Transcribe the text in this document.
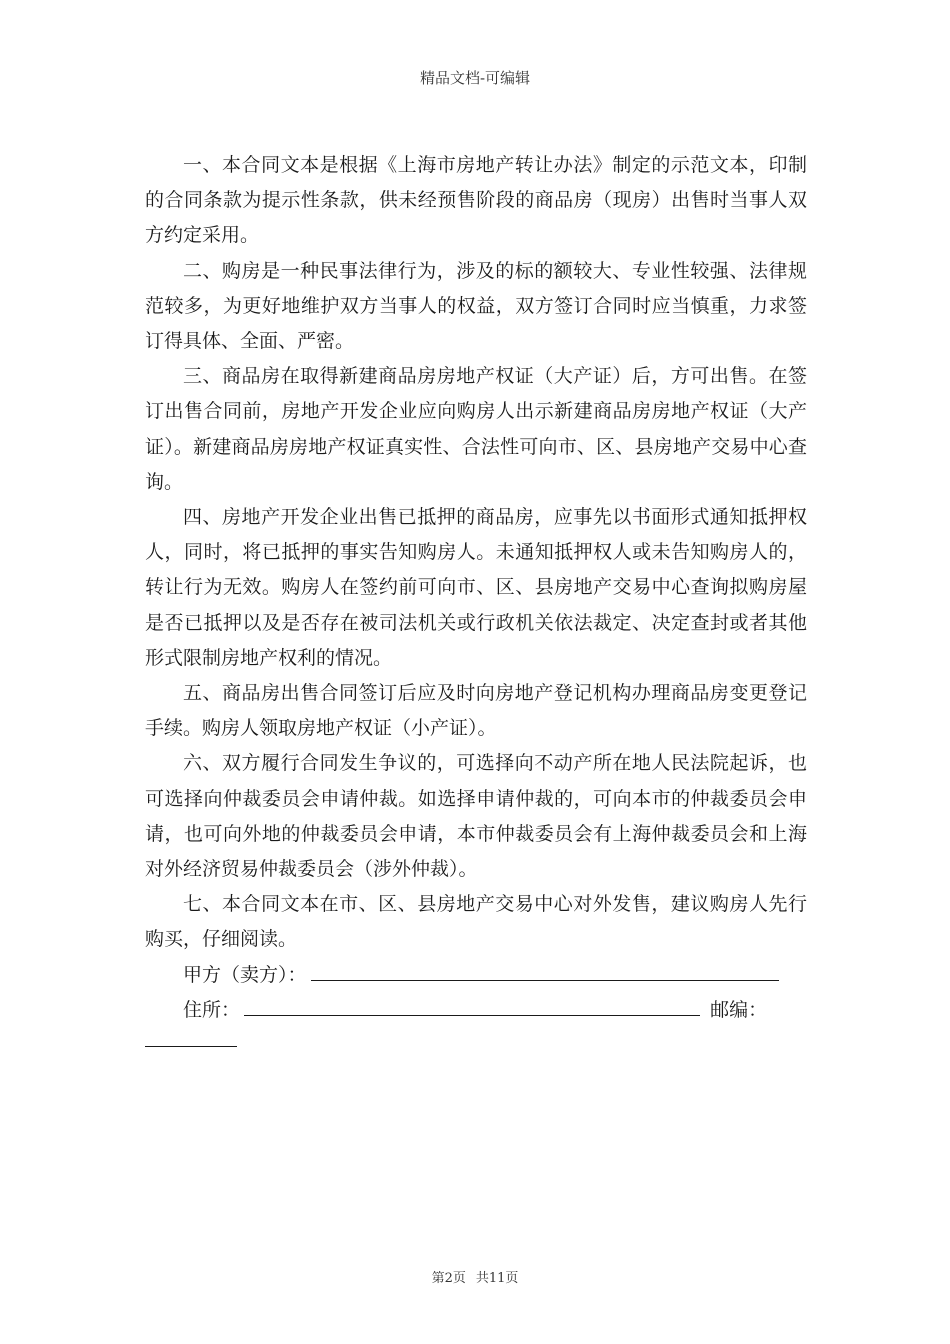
精品文档-可编辑

一、本合同文本是根据《上海市房地产转让办法》制定的示范文本，印制的合同条款为提示性条款，供未经预售阶段的商品房（现房）出售时当事人双方约定采用。

二、购房是一种民事法律行为，涉及的标的额较大、专业性较强、法律规范较多，为更好地维护双方当事人的权益，双方签订合同时应当慎重，力求签订得具体、全面、严密。

三、商品房在取得新建商品房房地产权证（大产证）后，方可出售。在签订出售合同前，房地产开发企业应向购房人出示新建商品房房地产权证（大产证）。新建商品房房地产权证真实性、合法性可向市、区、县房地产交易中心查询。

四、房地产开发企业出售已抵押的商品房，应事先以书面形式通知抵押权人，同时，将已抵押的事实告知购房人。未通知抵押权人或未告知购房人的，转让行为无效。购房人在签约前可向市、区、县房地产交易中心查询拟购房屋是否已抵押以及是否存在被司法机关或行政机关依法裁定、决定查封或者其他形式限制房地产权利的情况。

五、商品房出售合同签订后应及时向房地产登记机构办理商品房变更登记手续。购房人领取房地产权证（小产证）。

六、双方履行合同发生争议的，可选择向不动产所在地人民法院起诉，也可选择向仲裁委员会申请仲裁。如选择申请仲裁的，可向本市的仲裁委员会申请，也可向外地的仲裁委员会申请，本市仲裁委员会有上海仲裁委员会和上海对外经济贸易仲裁委员会（涉外仲裁）。

七、本合同文本在市、区、县房地产交易中心对外发售，建议购房人先行购买，仔细阅读。

甲方（卖方）：

住所：	邮编：

第2页 共11页
